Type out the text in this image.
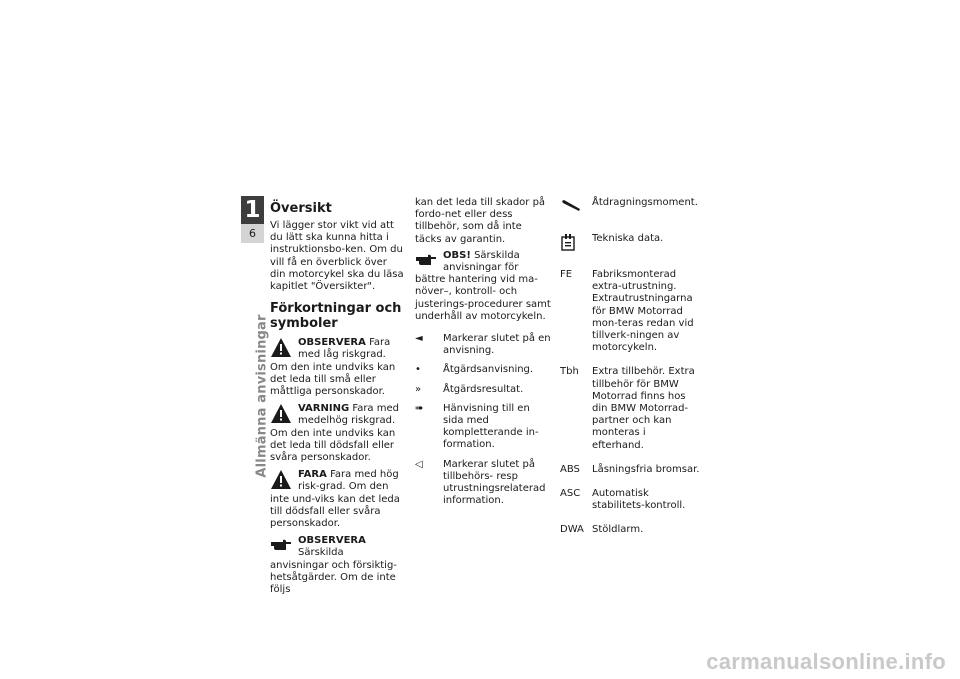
1
6
Allmänna anvisningar
Översikt

Vi lägger stor vikt vid att du lätt ska kunna hitta i instruktionsbo-ken. Om du vill få en överblick över din motorcykel ska du läsa kapitlet "Översikter".

Förkortningar och symboler
OBSERVERA Fara med låg riskgrad. Om den inte undviks kan det leda till små eller måttliga personskador.
VARNING Fara med medelhög riskgrad. Om den inte undviks kan det leda till dödsfall eller svåra personskador.
FARA Fara med hög risk-grad. Om den inte und-viks kan det leda till dödsfall eller svåra personskador.
OBSERVERA Särskilda anvisningar och försiktig-hetsåtgärder. Om de inte följs

kan det leda till skador på fordo-net eller dess tillbehör, som då inte täcks av garantin.

OBS! Särskilda anvisningar för bättre hantering vid ma-növer–, kontroll- och justerings-procedurer samt underhåll av motorcykeln.
◄	Markerar slutet på en anvisning.
•	Åtgärdsanvisning.
»	Åtgärdsresultat.
➠	Hänvisning till en sida med kompletterande in-formation.
◁	Markerar slutet på tillbehörs- resp utrustningsrelaterad information.
Åtdragningsmoment.
Tekniska data.
FE	Fabriksmonterad extra-utrustning. Extrautrustningarna för BMW Motorrad mon-teras redan vid tillverk-ningen av motorcykeln.
Tbh	Extra tillbehör. Extra tillbehör för BMW Motorrad finns hos din BMW Motorrad-partner och kan monteras i efterhand.
ABS	Låsningsfria bromsar.
ASC	Automatisk stabilitets-kontroll.
DWA Stöldlarm.
carmanualsonline.info
